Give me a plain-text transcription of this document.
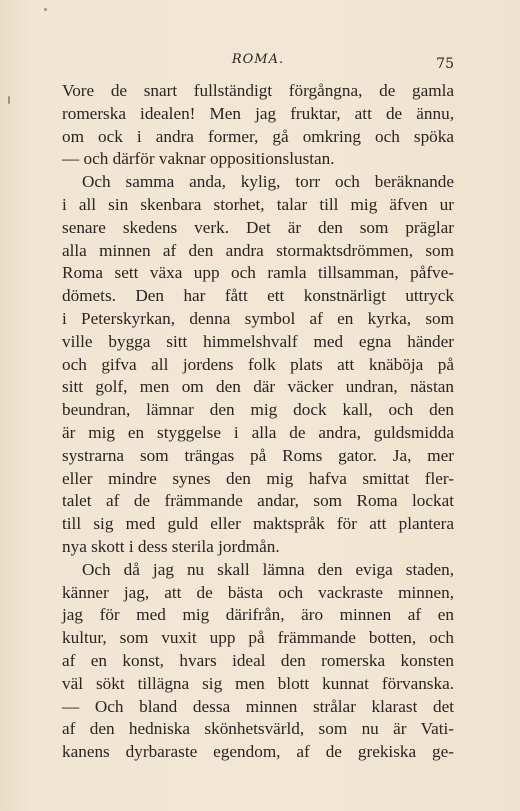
ROMA.	75
Vore de snart fullständigt förgångna, de gamla
romerska idealen! Men jag fruktar, att de ännu,
om ock i andra former, gå omkring och spöka
— och därför vaknar oppositionslustan.
Och samma anda, kylig, torr och beräknande
i all sin skenbara storhet, talar till mig äfven ur
senare skedens verk. Det är den som präglar
alla minnen af den andra stormaktsdrömmen, som
Roma sett växa upp och ramla tillsamman, påfve-
dömets. Den har fått ett konstnärligt uttryck
i Peterskyrkan, denna symbol af en kyrka, som
ville bygga sitt himmelshvalf med egna händer
och gifva all jordens folk plats att knäböja på
sitt golf, men om den där väcker undran, nästan
beundran, lämnar den mig dock kall, och den
är mig en styggelse i alla de andra, guldsmidda
systrarna som trängas på Roms gator. Ja, mer
eller mindre synes den mig hafva smittat fler-
talet af de främmande andar, som Roma lockat
till sig med guld eller maktspråk för att plantera
nya skott i dess sterila jordmån.
Och då jag nu skall lämna den eviga staden,
känner jag, att de bästa och vackraste minnen,
jag för med mig därifrån, äro minnen af en
kultur, som vuxit upp på främmande botten, och
af en konst, hvars ideal den romerska konsten
väl sökt tillägna sig men blott kunnat förvanska.
— Och bland dessa minnen strålar klarast det
af den hedniska skönhetsvärld, som nu är Vati-
kanens dyrbaraste egendom, af de grekiska ge-
